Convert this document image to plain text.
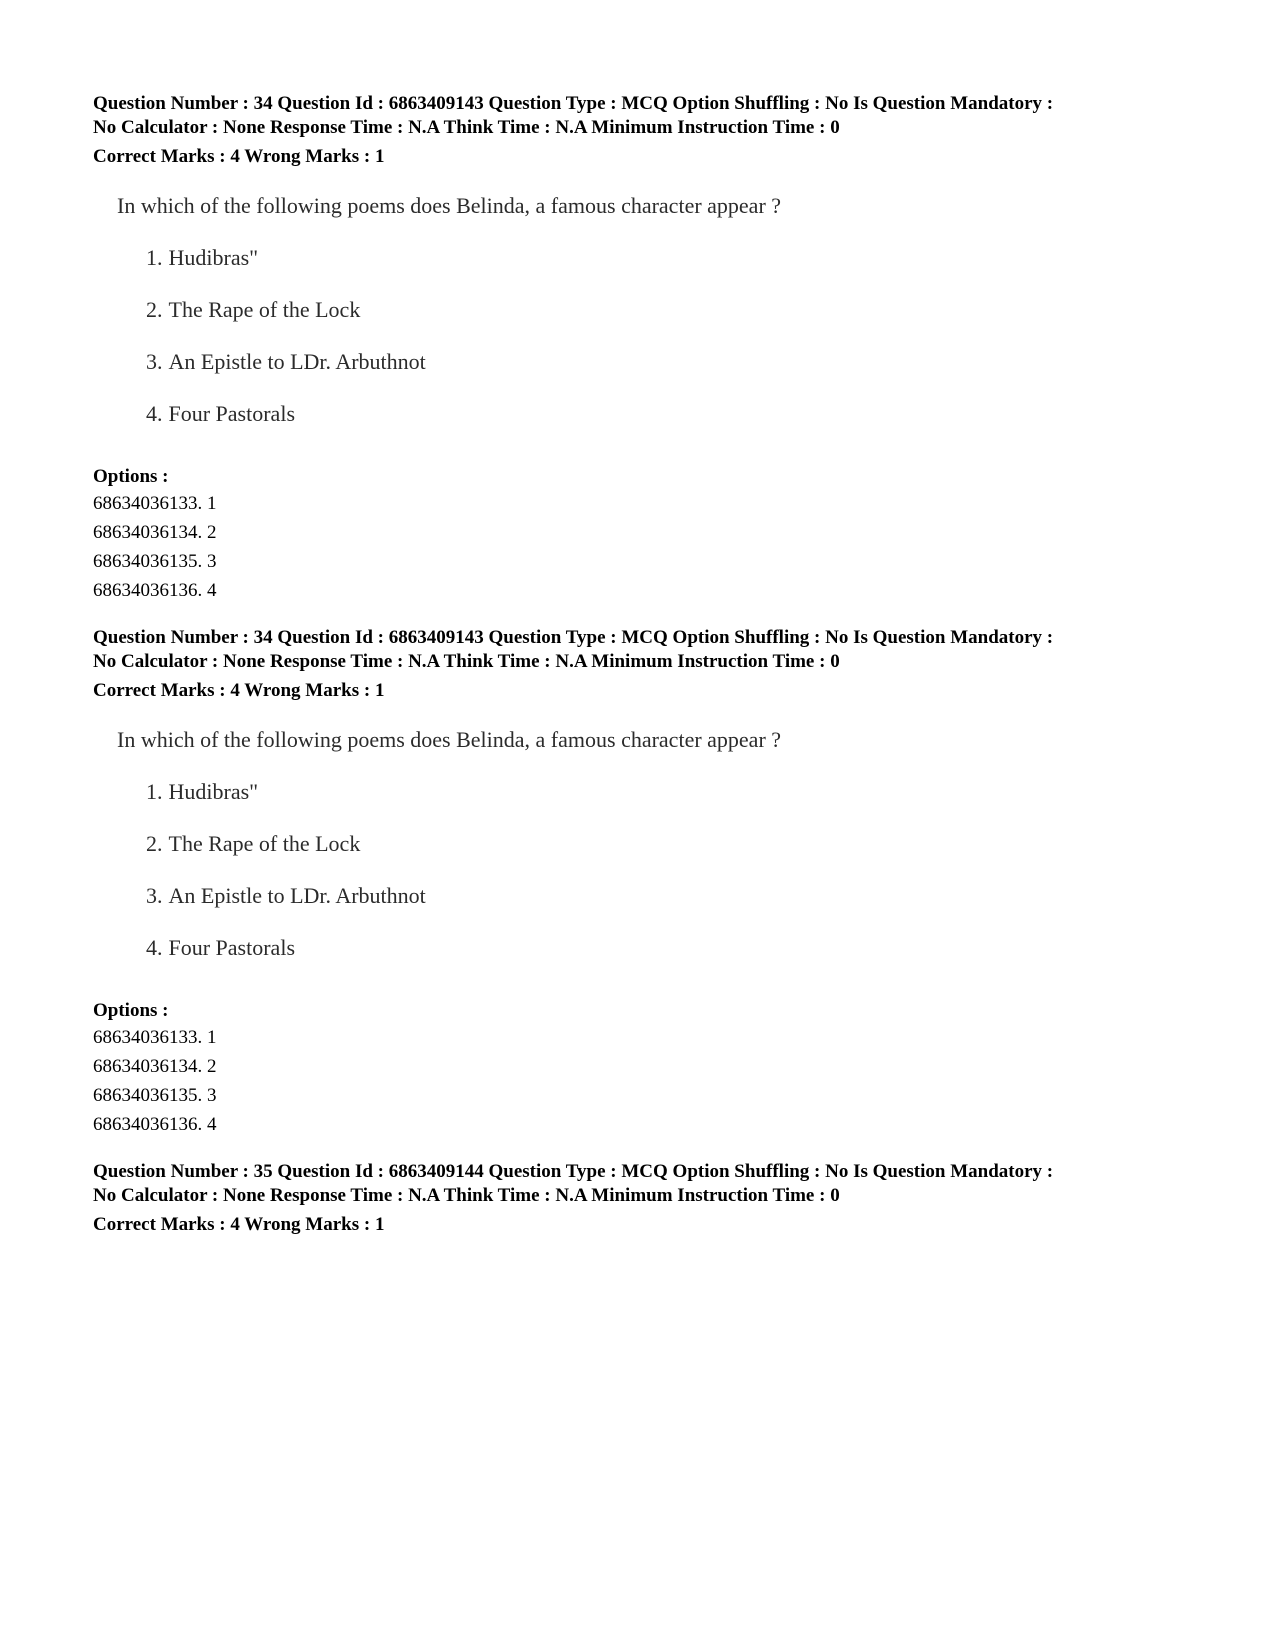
Question Number : 34 Question Id : 6863409143 Question Type : MCQ Option Shuffling : No Is Question Mandatory :
No Calculator : None Response Time : N.A Think Time : N.A Minimum Instruction Time : 0
Correct Marks : 4 Wrong Marks : 1
In which of the following poems does Belinda, a famous character appear ?
1. Hudibras"
2. The Rape of the Lock
3. An Epistle to LDr. Arbuthnot
4. Four Pastorals
Options :
68634036133. 1
68634036134. 2
68634036135. 3
68634036136. 4
Question Number : 34 Question Id : 6863409143 Question Type : MCQ Option Shuffling : No Is Question Mandatory :
No Calculator : None Response Time : N.A Think Time : N.A Minimum Instruction Time : 0
Correct Marks : 4 Wrong Marks : 1
In which of the following poems does Belinda, a famous character appear ?
1. Hudibras"
2. The Rape of the Lock
3. An Epistle to LDr. Arbuthnot
4. Four Pastorals
Options :
68634036133. 1
68634036134. 2
68634036135. 3
68634036136. 4
Question Number : 35 Question Id : 6863409144 Question Type : MCQ Option Shuffling : No Is Question Mandatory :
No Calculator : None Response Time : N.A Think Time : N.A Minimum Instruction Time : 0
Correct Marks : 4 Wrong Marks : 1
